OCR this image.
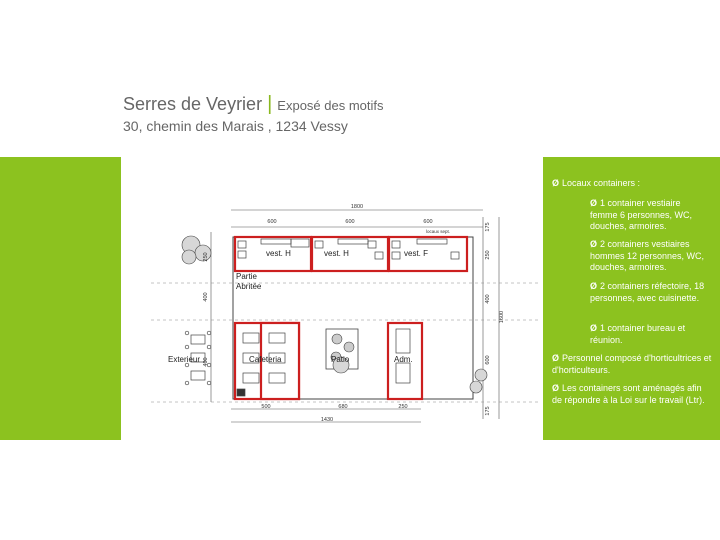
Serres de Veyrier | Exposé des motifs
30, chemin des Marais , 1234 Vessy
1800
600	600	600
500	680	250
1430
400
400
250
175
250
400
1600
600
175
locaux sept.
vest. H	vest. H	vest. F
Partie
Abritée
Exterieur	Cafeteria	Patio	Adm.
Ø Locaux containers :
Ø 1 container vestiaire femme 6 personnes, WC, douches, armoires.
Ø 2 containers vestiaires hommes 12 personnes, WC, douches, armoires.
Ø 2 containers réfectoire, 18 personnes, avec cuisinette.
Ø 1 container bureau et réunion.
Ø Personnel composé d'horticultrices et d'horticulteurs.
Ø Les containers sont aménagés afin de répondre à la Loi sur le travail (Ltr).
